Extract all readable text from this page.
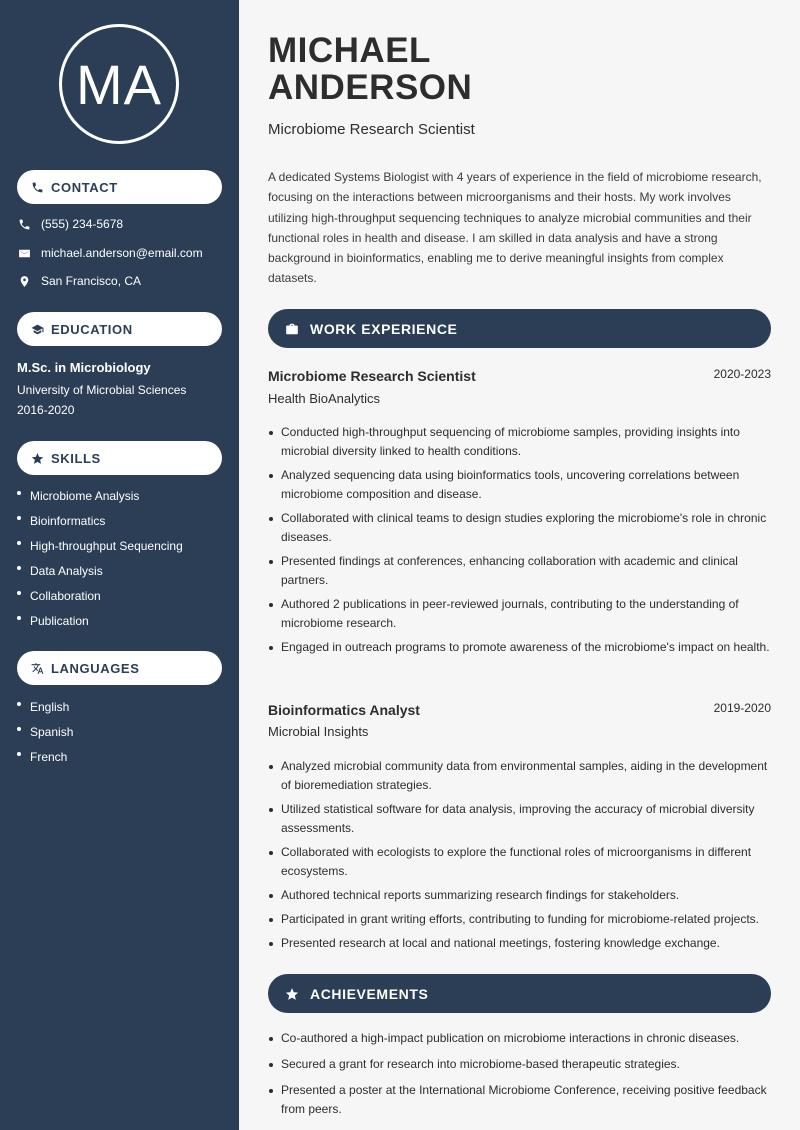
MA
CONTACT
(555) 234-5678
michael.anderson@email.com
San Francisco, CA
EDUCATION
M.Sc. in Microbiology
University of Microbial Sciences
2016-2020
SKILLS
Microbiome Analysis
Bioinformatics
High-throughput Sequencing
Data Analysis
Collaboration
Publication
LANGUAGES
English
Spanish
French
MICHAEL
ANDERSON
Microbiome Research Scientist

A dedicated Systems Biologist with 4 years of experience in the field of microbiome research, focusing on the interactions between microorganisms and their hosts. My work involves utilizing high-throughput sequencing techniques to analyze microbial communities and their functional roles in health and disease. I am skilled in data analysis and have a strong background in bioinformatics, enabling me to derive meaningful insights from complex datasets.

WORK EXPERIENCE
Microbiome Research Scientist	2020-2023
Health BioAnalytics
Conducted high-throughput sequencing of microbiome samples, providing insights into microbial diversity linked to health conditions.
Analyzed sequencing data using bioinformatics tools, uncovering correlations between microbiome composition and disease.
Collaborated with clinical teams to design studies exploring the microbiome's role in chronic diseases.
Presented findings at conferences, enhancing collaboration with academic and clinical partners.
Authored 2 publications in peer-reviewed journals, contributing to the understanding of microbiome research.
Engaged in outreach programs to promote awareness of the microbiome's impact on health.
Bioinformatics Analyst	2019-2020
Microbial Insights
Analyzed microbial community data from environmental samples, aiding in the development of bioremediation strategies.
Utilized statistical software for data analysis, improving the accuracy of microbial diversity assessments.
Collaborated with ecologists to explore the functional roles of microorganisms in different ecosystems.
Authored technical reports summarizing research findings for stakeholders.
Participated in grant writing efforts, contributing to funding for microbiome-related projects.
Presented research at local and national meetings, fostering knowledge exchange.
ACHIEVEMENTS
Co-authored a high-impact publication on microbiome interactions in chronic diseases.
Secured a grant for research into microbiome-based therapeutic strategies.
Presented a poster at the International Microbiome Conference, receiving positive feedback from peers.
